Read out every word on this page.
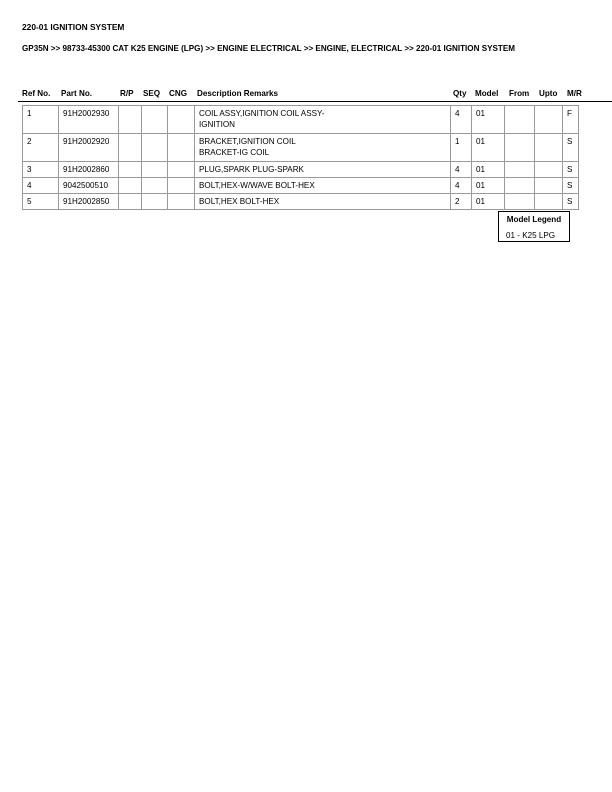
220-01 IGNITION SYSTEM
GP35N >> 98733-45300 CAT K25 ENGINE (LPG) >> ENGINE ELECTRICAL >> ENGINE, ELECTRICAL >> 220-01 IGNITION SYSTEM
Ref No. Part No.	R/P SEQ CNG Description Remarks	Qty Model From Upto M/R
1	91H2002930				COIL ASSY,IGNITION COIL ASSY-
IGNITION	4	01			F
2	91H2002920				BRACKET,IGNITION COIL
BRACKET-IG COIL	1	01			S
3	91H2002860				PLUG,SPARK PLUG-SPARK	4	01			S
4	9042500510				BOLT,HEX-W/WAVE BOLT-HEX	4	01			S
5	91H2002850				BOLT,HEX BOLT-HEX	2	01			S
Model Legend
01 - K25 LPG
